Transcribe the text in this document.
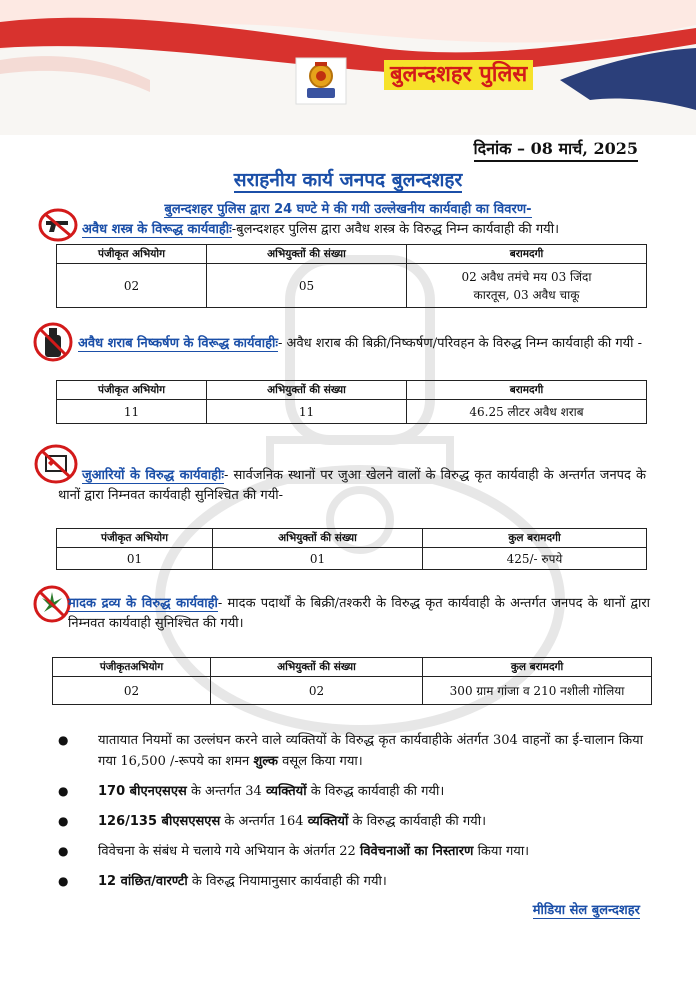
बुलन्दशहर पुलिस
दिनांक – 08 मार्च, 2025
सराहनीय कार्य जनपद बुलन्दशहर
बुलन्दशहर पुलिस द्वारा 24 घण्टे मे की गयी उल्लेखनीय कार्यवाही का विवरण-
अवैध शस्त्र के विरूद्ध कार्यवाहीः-बुलन्दशहर पुलिस द्वारा अवैध शस्त्र के विरुद्ध निम्न कार्यवाही की गयी।
पंजीकृत अभियोग	अभियुक्तों की संख्या	बरामदगी
02	05	02 अवैध तमंचे मय 03 जिंदा कारतूस, 03 अवैध चाकू
अवैध शराब निष्कर्षण के विरूद्ध कार्यवाहीः- अवैध शराब की बिक्री/निष्कर्षण/परिवहन के विरुद्ध निम्न कार्यवाही की गयी -
पंजीकृत अभियोग	अभियुक्तों की संख्या	बरामदगी
11	11	46.25 लीटर अवैध शराब
जुआरियों के विरुद्ध कार्यवाहीः- सार्वजनिक स्थानों पर जुआ खेलने वालों के विरुद्ध कृत कार्यवाही के अन्तर्गत जनपद के थानों द्वारा निम्नवत कार्यवाही सुनिश्चित की गयी-
पंजीकृत अभियोग	अभियुक्तों की संख्या	कुल बरामदगी
01	01	425/- रुपये
मादक द्रव्य के विरुद्ध कार्यवाही- मादक पदार्थों के बिक्री/तश्करी के विरुद्ध कृत कार्यवाही के अन्तर्गत जनपद के थानों द्वारा निम्नवत कार्यवाही सुनिश्चित की गयी।
पंजीकृतअभियोग	अभियुक्तों की संख्या	कुल बरामदगी
02	02	300 ग्राम गांजा व 210 नशीली गोलिया
● यातायात नियमों का उल्लंघन करने वाले व्यक्तियों के विरुद्ध कृत कार्यवाहीके अंतर्गत 304 वाहनों का ई-चालान किया गया 16,500 /-रूपये का शमन शुल्क वसूल किया गया।
● 170 बीएनएसएस के अन्तर्गत 34 व्यक्तियों के विरुद्ध कार्यवाही की गयी।
● 126/135 बीएसएसएस के अन्तर्गत 164 व्यक्तियों के विरुद्ध कार्यवाही की गयी।
● विवेचना के संबंध मे चलाये गये अभियान के अंतर्गत 22 विवेचनाओं का निस्तारण किया गया।
● 12 वांछित/वारण्टी के विरुद्ध नियामानुसार कार्यवाही की गयी।
मीडिया सेल बुलन्दशहर
